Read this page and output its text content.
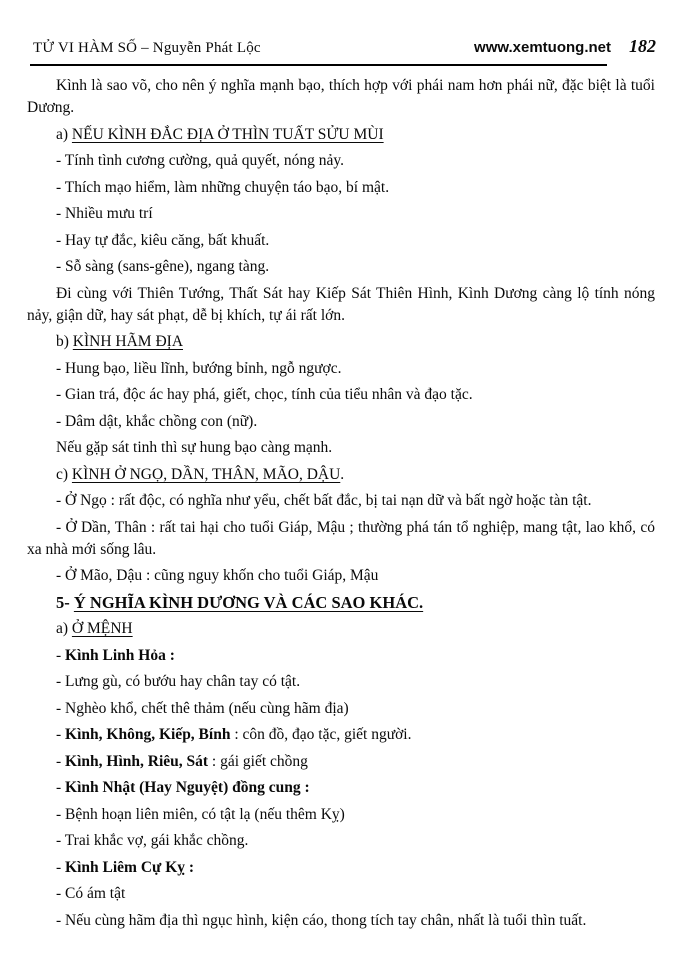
TỬ VI HÀM SỐ – Nguyễn Phát Lộc	www.xemtuong.net 182

Kình là sao võ, cho nên ý nghĩa mạnh bạo, thích hợp với phái nam hơn phái nữ, đặc biệt là tuổi Dương.

a) NẾU KÌNH ĐẮC ĐỊA Ở THÌN TUẤT SỬU MÙI

- Tính tình cương cường, quả quyết, nóng nảy.

- Thích mạo hiểm, làm những chuyện táo bạo, bí mật.

- Nhiều mưu trí

- Hay tự đắc, kiêu căng, bất khuất.

- Sỗ sàng (sans-gêne), ngang tàng.

Đi cùng với Thiên Tướng, Thất Sát hay Kiếp Sát Thiên Hình, Kình Dương càng lộ tính nóng nảy, giận dữ, hay sát phạt, dễ bị khích, tự ái rất lớn.

b) KÌNH HÃM ĐỊA

- Hung bạo, liều lĩnh, bướng bỉnh, ngỗ ngược.

- Gian trá, độc ác hay phá, giết, chọc, tính của tiểu nhân và đạo tặc.

- Dâm dật, khắc chồng con (nữ).

Nếu gặp sát tinh thì sự hung bạo càng mạnh.

c) KÌNH Ở NGỌ, DẦN, THÂN, MÃO, DẬU.

- Ở Ngọ : rất độc, có nghĩa như yểu, chết bất đắc, bị tai nạn dữ và bất ngờ hoặc tàn tật.

- Ở Dần, Thân : rất tai hại cho tuổi Giáp, Mậu ; thường phá tán tổ nghiệp, mang tật, lao khổ, có xa nhà mới sống lâu.

- Ở Mão, Dậu : cũng nguy khốn cho tuổi Giáp, Mậu

5- Ý NGHĨA KÌNH DƯƠNG VÀ CÁC SAO KHÁC.

a) Ở MỆNH

- Kình Linh Hỏa :

- Lưng gù, có bướu hay chân tay có tật.

- Nghèo khổ, chết thê thảm (nếu cùng hãm địa)

- Kình, Không, Kiếp, Bính : côn đồ, đạo tặc, giết người.

- Kình, Hình, Riêu, Sát : gái giết chồng

- Kình Nhật (Hay Nguyệt) đồng cung :

- Bệnh hoạn liên miên, có tật lạ (nếu thêm Kỵ)

- Trai khắc vợ, gái khắc chồng.

- Kình Liêm Cự Kỵ :

- Có ám tật

- Nếu cùng hãm địa thì ngục hình, kiện cáo, thong tích tay chân, nhất là tuổi thìn tuất.
